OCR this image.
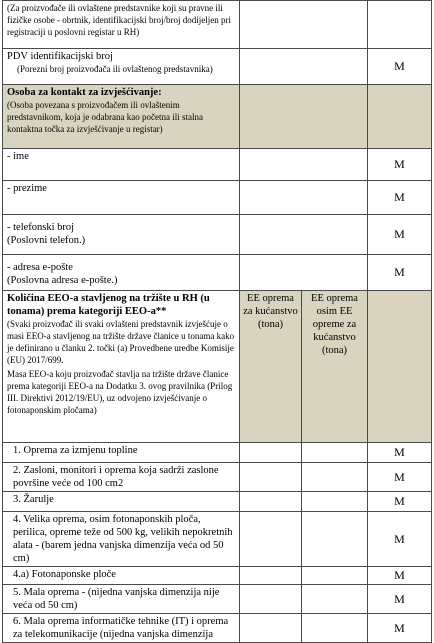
(Za proizvođače ili ovlaštene predstavnike koji su pravne ili fizičke osobe - obrtnik, identifikacijski broj/broj dodijeljen pri registraciji u poslovni registar u RH)			

PDV identifikacijski broj
(Porezni broj proizvođača ili ovlaštenog predstavnika)			M

Osoba za kontakt za izvješćivanje:
(Osoba povezana s proizvođačem ili ovlaštenim predstavnikom, koja je odabrana kao početna ili stalna kontaktna točka za izvješćivanje u registar)			

- ime			M
- prezime			M

- telefonski broj
(Poslovni telefon.)			M

- adresa e-pošte
(Poslovna adresa e-pošte.)			M

Količina EEO-a stavljenog na tržište u RH (u tonama) prema kategoriji EEO-a**
(Svaki proizvođač ili svaki ovlašteni predstavnik izvješćuje o masi EEO-a stavljenog na tržište države članice u tonama kako je definirano u članku 2. točki (a) Provedbene uredbe Komisije (EU) 2017/699.
Masa EEO-a koju proizvođač stavlja na tržište države članice prema kategoriji EEO-a na Dodatku 3. ovog pravilnika (Prilog III. Direktivi 2012/19/EU), uz odvojeno izvješćivanje o fotonaponskim pločama)	EE oprema za kućanstvo (tona)	EE oprema osim EE opreme za kućanstvo (tona)	
1. Oprema za izmjenu topline			M
2. Zasloni, monitori i oprema koja sadrži zaslone površine veće od 100 cm2			M
3. Žarulje			M
4. Velika oprema, osim fotonaponskih ploča, perilica, opreme teže od 500 kg, velikih nepokretnih alata - (barem jedna vanjska dimenzija veća od 50 cm)			M
4.a) Fotonaponske ploče			M
5. Mala oprema - (nijedna vanjska dimenzija nije veća od 50 cm)			M
6. Mala oprema informatičke tehnike (IT) i oprema za telekomunikacije (nijedna vanjska dimenzija			M
